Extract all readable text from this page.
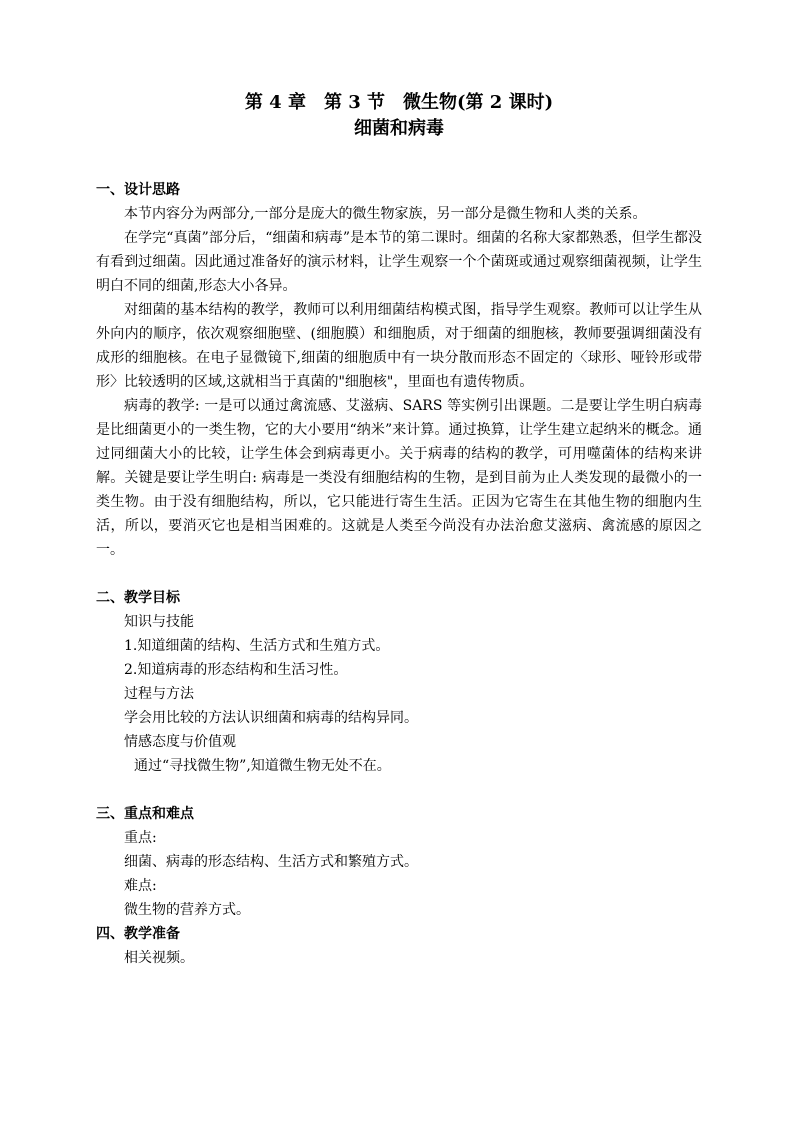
第 4 章　第 3 节　微生物(第 2 课时)

细菌和病毒

一、设计思路

本节内容分为两部分,一部分是庞大的微生物家族，另一部分是微生物和人类的关系。

在学完“真菌”部分后，“细菌和病毒”是本节的第二课时。细菌的名称大家都熟悉，但学生都没有看到过细菌。因此通过准备好的演示材料，让学生观察一个个菌斑或通过观察细菌视频，让学生明白不同的细菌,形态大小各异。

对细菌的基本结构的教学，教师可以利用细菌结构模式图，指导学生观察。教师可以让学生从外向内的顺序，依次观察细胞壁、(细胞膜）和细胞质，对于细菌的细胞核，教师要强调细菌没有成形的细胞核。在电子显微镜下,细菌的细胞质中有一块分散而形态不固定的〈球形、哑铃形或带形〉比较透明的区域,这就相当于真菌的"细胞核"，里面也有遗传物质。

病毒的教学: 一是可以通过禽流感、艾滋病、SARS 等实例引出课题。二是要让学生明白病毒是比细菌更小的一类生物，它的大小要用“纳米”来计算。通过换算，让学生建立起纳米的概念。通过同细菌大小的比较，让学生体会到病毒更小。关于病毒的结构的教学，可用噬菌体的结构来讲解。关键是要让学生明白: 病毒是一类没有细胞结构的生物，是到目前为止人类发现的最微小的一类生物。由于没有细胞结构，所以，它只能进行寄生生活。正因为它寄生在其他生物的细胞内生活，所以，要消灭它也是相当困难的。这就是人类至今尚没有办法治愈艾滋病、禽流感的原因之一。

二、教学目标

知识与技能

1.知道细菌的结构、生活方式和生殖方式。

2.知道病毒的形态结构和生活习性。

过程与方法

学会用比较的方法认识细菌和病毒的结构异同。

情感态度与价值观

通过“寻找微生物”,知道微生物无处不在。

三、重点和难点

重点:

细菌、病毒的形态结构、生活方式和繁殖方式。

难点:

微生物的营养方式。

四、教学准备

相关视频。
